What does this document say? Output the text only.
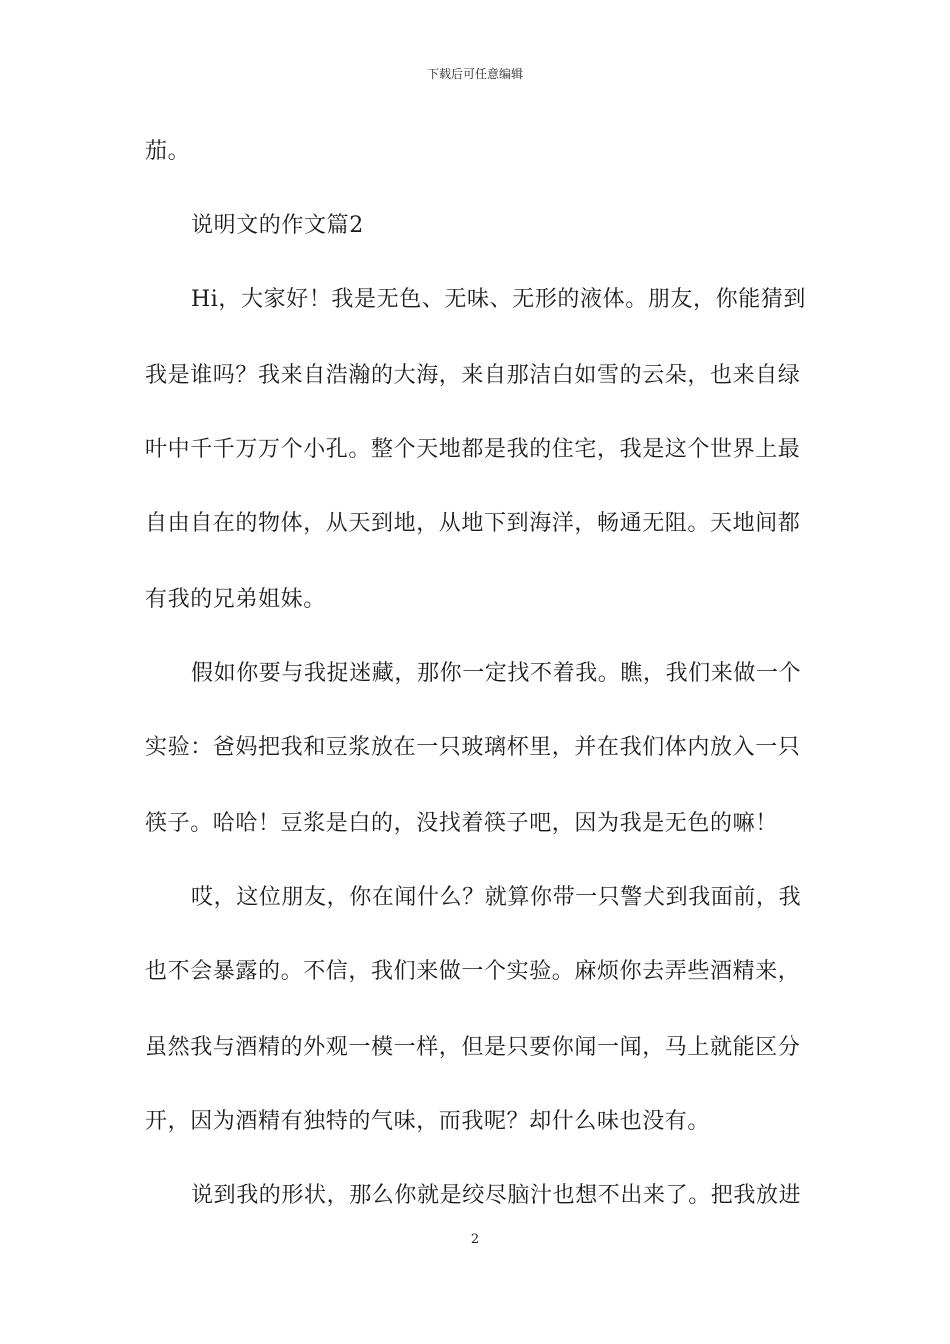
下载后可任意编辑
茄。
说明文的作文篇2
Hi，大家好！我是无色、无味、无形的液体。朋友，你能猜到
我是谁吗？我来自浩瀚的大海，来自那洁白如雪的云朵，也来自绿
叶中千千万万个小孔。整个天地都是我的住宅，我是这个世界上最
自由自在的物体，从天到地，从地下到海洋，畅通无阻。天地间都
有我的兄弟姐妹。
假如你要与我捉迷藏，那你一定找不着我。瞧，我们来做一个
实验：爸妈把我和豆浆放在一只玻璃杯里，并在我们体内放入一只
筷子。哈哈！豆浆是白的，没找着筷子吧，因为我是无色的嘛！
哎，这位朋友，你在闻什么？就算你带一只警犬到我面前，我
也不会暴露的。不信，我们来做一个实验。麻烦你去弄些酒精来，
虽然我与酒精的外观一模一样，但是只要你闻一闻，马上就能区分
开，因为酒精有独特的气味，而我呢？却什么味也没有。
说到我的形状，那么你就是绞尽脑汁也想不出来了。把我放进
2
